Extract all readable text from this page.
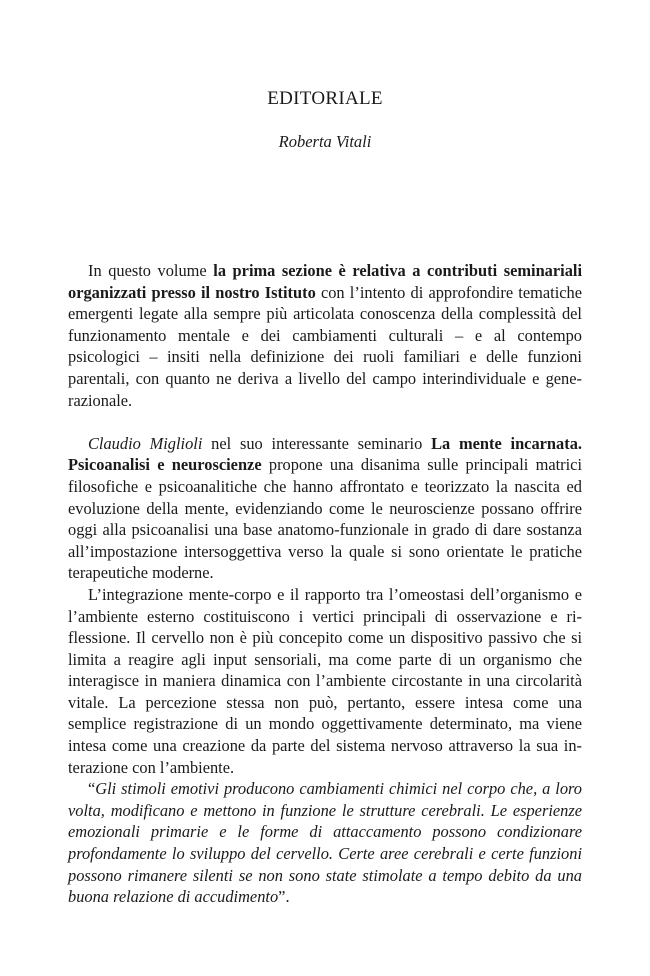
EDITORIALE

Roberta Vitali

In questo volume la prima sezione è relativa a contributi seminariali organizzati presso il nostro Istituto con l’intento di approfondire tematiche emergenti legate alla sempre più articolata conoscenza della complessità del funzionamento mentale e dei cambiamenti culturali – e al contempo psicologici – insiti nella definizione dei ruoli familiari e delle funzioni parentali, con quanto ne deriva a livello del campo interindividuale e generazionale.

Claudio Miglioli nel suo interessante seminario La mente incarnata. Psicoanalisi e neuroscienze propone una disanima sulle principali matrici filosofiche e psicoanalitiche che hanno affrontato e teorizzato la nascita ed evoluzione della mente, evidenziando come le neuroscienze possano offrire oggi alla psicoanalisi una base anatomo-funzionale in grado di dare sostanza all’impostazione intersoggettiva verso la quale si sono orientate le pratiche terapeutiche moderne.

L’integrazione mente-corpo e il rapporto tra l’omeostasi dell’organismo e l’ambiente esterno costituiscono i vertici principali di osservazione e riflessione. Il cervello non è più concepito come un dispositivo passivo che si limita a reagire agli input sensoriali, ma come parte di un organismo che interagisce in maniera dinamica con l’ambiente circostante in una circolarità vitale. La percezione stessa non può, pertanto, essere intesa come una semplice registrazione di un mondo oggettivamente determinato, ma viene intesa come una creazione da parte del sistema nervoso attraverso la sua interazione con l’ambiente.

“Gli stimoli emotivi producono cambiamenti chimici nel corpo che, a loro volta, modificano e mettono in funzione le strutture cerebrali. Le esperienze emozionali primarie e le forme di attaccamento possono condizionare profondamente lo sviluppo del cervello. Certe aree cerebrali e certe funzioni possono rimanere silenti se non sono state stimolate a tempo debito da una buona relazione di accudimento”.
